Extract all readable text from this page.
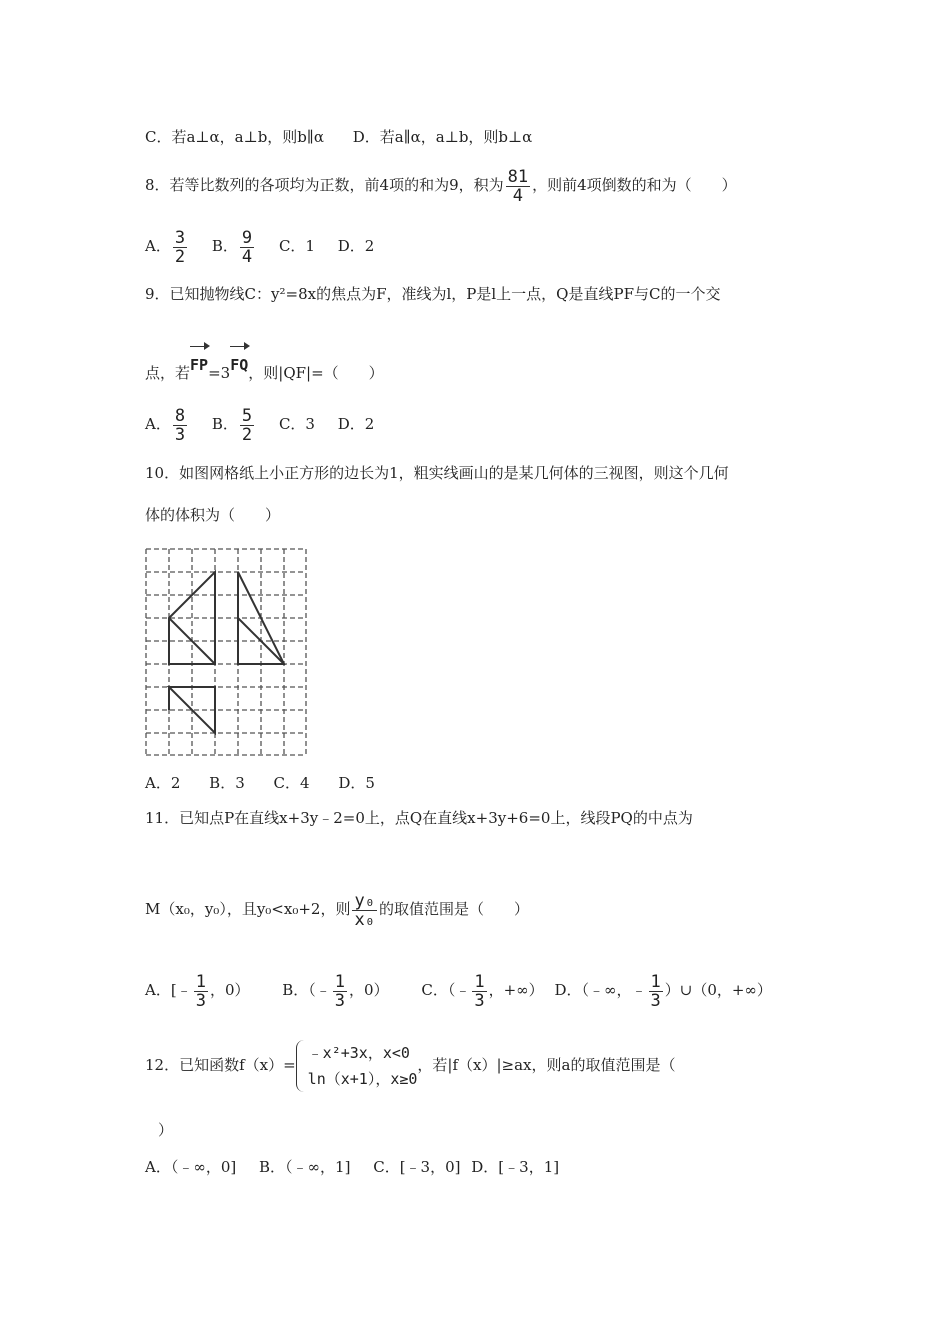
C．若a⊥α，a⊥b，则b∥α D．若a∥α，a⊥b，则b⊥α
8．若等比数列的各项均为正数，前4项的和为9，积为 $\frac{81}{4}$ ，则前4项倒数的和为（　　）
A． $\frac{3}{2}$ B． $\frac{9}{4}$ C．1 D．2
9．已知抛物线C：y²=8x的焦点为F，准线为l，P是l上一点，Q是直线PF与C的一个交
点，若FP=3FQ，则|QF|=（　　）
A． $\frac{8}{3}$ B． $\frac{5}{2}$ C．3 D．2
10．如图网格纸上小正方形的边长为1，粗实线画山的是某几何体的三视图，则这个几何
体的体积为（　　）
A．2 B．3 C．4 D．5
11．已知点P在直线x+3y﹣2=0上，点Q在直线x+3y+6=0上，线段PQ的中点为
M（x₀，y₀），且y₀<x₀+2，则 $\frac{\text{y₀}}{\text{x₀}}$ 的取值范围是（　　）
A．[﹣ $\frac{1}{3}$ ，0） B．（﹣ $\frac{1}{3}$ ，0） C．（﹣ $\frac{1}{3}$ ，+∞） D．（﹣∞，﹣ $\frac{1}{3}$ ）∪（0，+∞）
12．已知函数f（x）=
﹣x²+3x，x<0
ln（x+1），x≥0
，若|f（x）|≥ax，则a的取值范围是（
）
A．（﹣∞，0] B．（﹣∞，1] C．[﹣3，0] D．[﹣3，1]
